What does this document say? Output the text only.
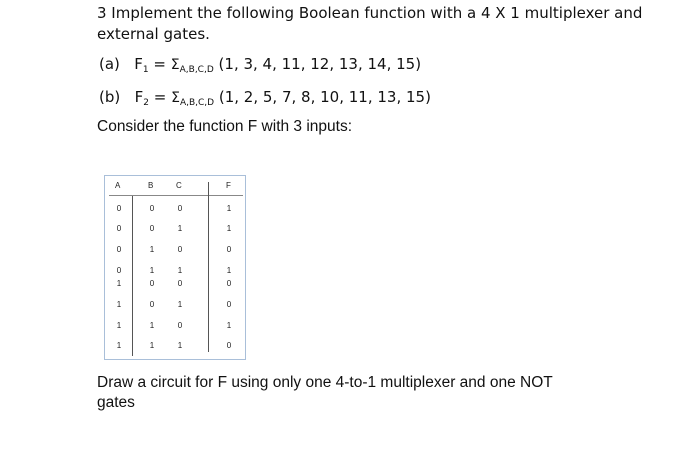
3 Implement the following Boolean function with a 4 X 1 multiplexer and
external gates.
(a) $F_1 = \Sigma_{A,B,C,D}$ (1, 3, 4, 11, 12, 13, 14, 15)
(b) $F_2 = \Sigma_{A,B,C,D}$ (1, 2, 5, 7, 8, 10, 11, 13, 15)
Consider the function F with 3 inputs:
A	B	C	F
0	0	0	1
0	0	1	1
0	1	0	0
0	1	1	1
1	0	0	0
1	0	1	0
1	1	0	1
1	1	1	0
Draw a circuit for F using only one 4-to-1 multiplexer and one NOT
gates
